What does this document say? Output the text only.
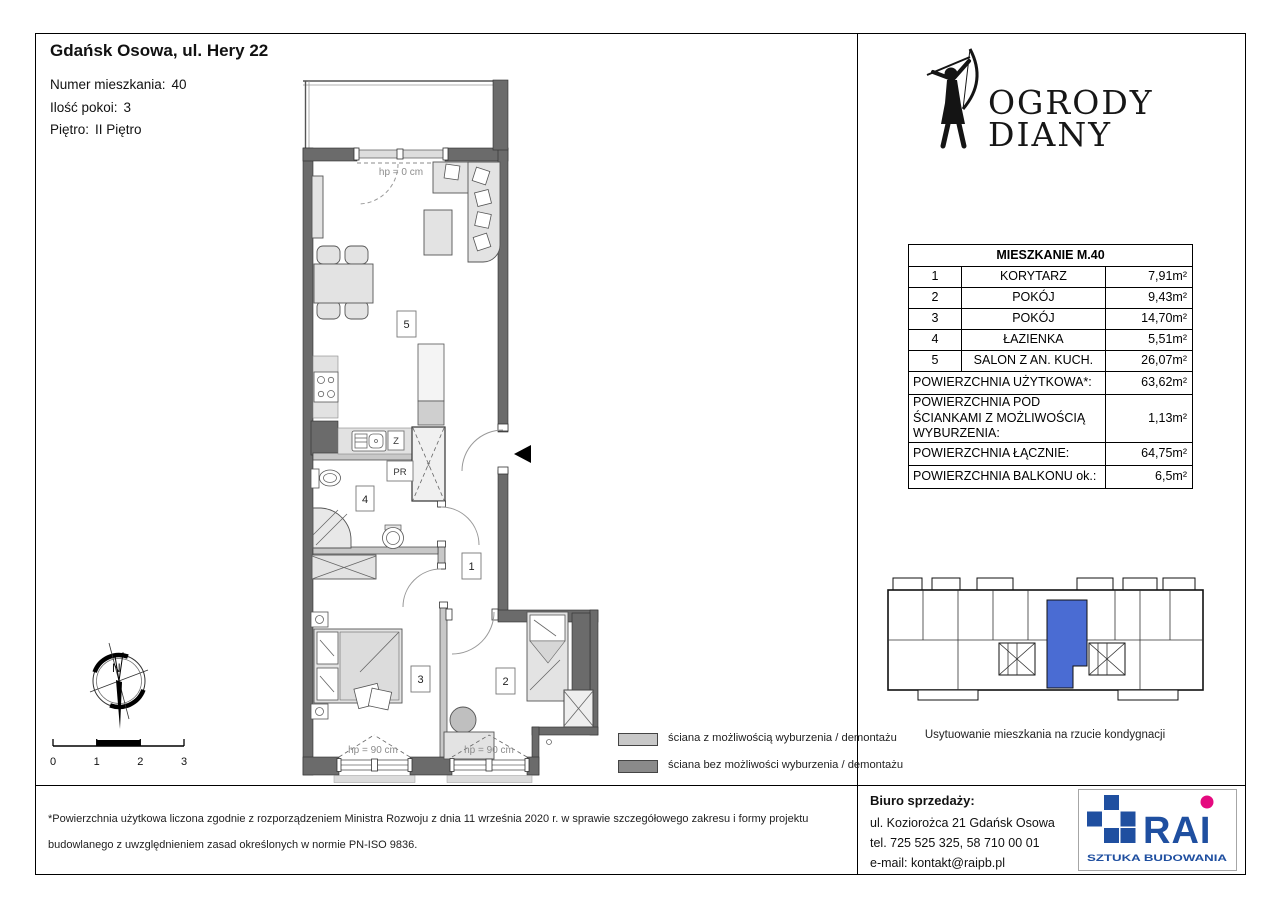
Gdańsk Osowa, ul. Hery 22
Numer mieszkania: 40
Ilość pokoi: 3
Piętro: II Piętro
OGRODY
DIANY
hp = 0 cm
5
Z
x
PR
4
1
3	2
hp = 90 cm	hp = 90 cm
N
0	1	2	3
ściana z możliwością wyburzenia / demontażu
ściana bez możliwości wyburzenia / demontażu
MIESZKANIE M.40		
1	KORYTARZ	7,91m²
2	POKÓJ	9,43m²
3	POKÓJ	14,70m²
4	ŁAZIENKA	5,51m²
5	SALON Z AN. KUCH.	26,07m²
POWIERZCHNIA UŻYTKOWA*:		63,62m²
POWIERZCHNIA POD ŚCIANKAMI Z MOŻLIWOŚCIĄ WYBURZENIA:		1,13m²
POWIERZCHNIA ŁĄCZNIE:		64,75m²
POWIERZCHNIA BALKONU ok.:		6,5m²
Usytuowanie mieszkania na rzucie kondygnacji
*Powierzchnia użytkowa liczona zgodnie z rozporządzeniem Ministra Rozwoju z dnia 11 września 2020 r. w sprawie szczegółowego zakresu i formy projektu budowlanego z uwzględnieniem zasad określonych w normie PN-ISO 9836.
Biuro sprzedaży:
ul. Koziorożca 21 Gdańsk Osowa
tel. 725 525 325, 58 710 00 01
e-mail: kontakt@raipb.pl
RAI
SZTUKA BUDOWANIA
